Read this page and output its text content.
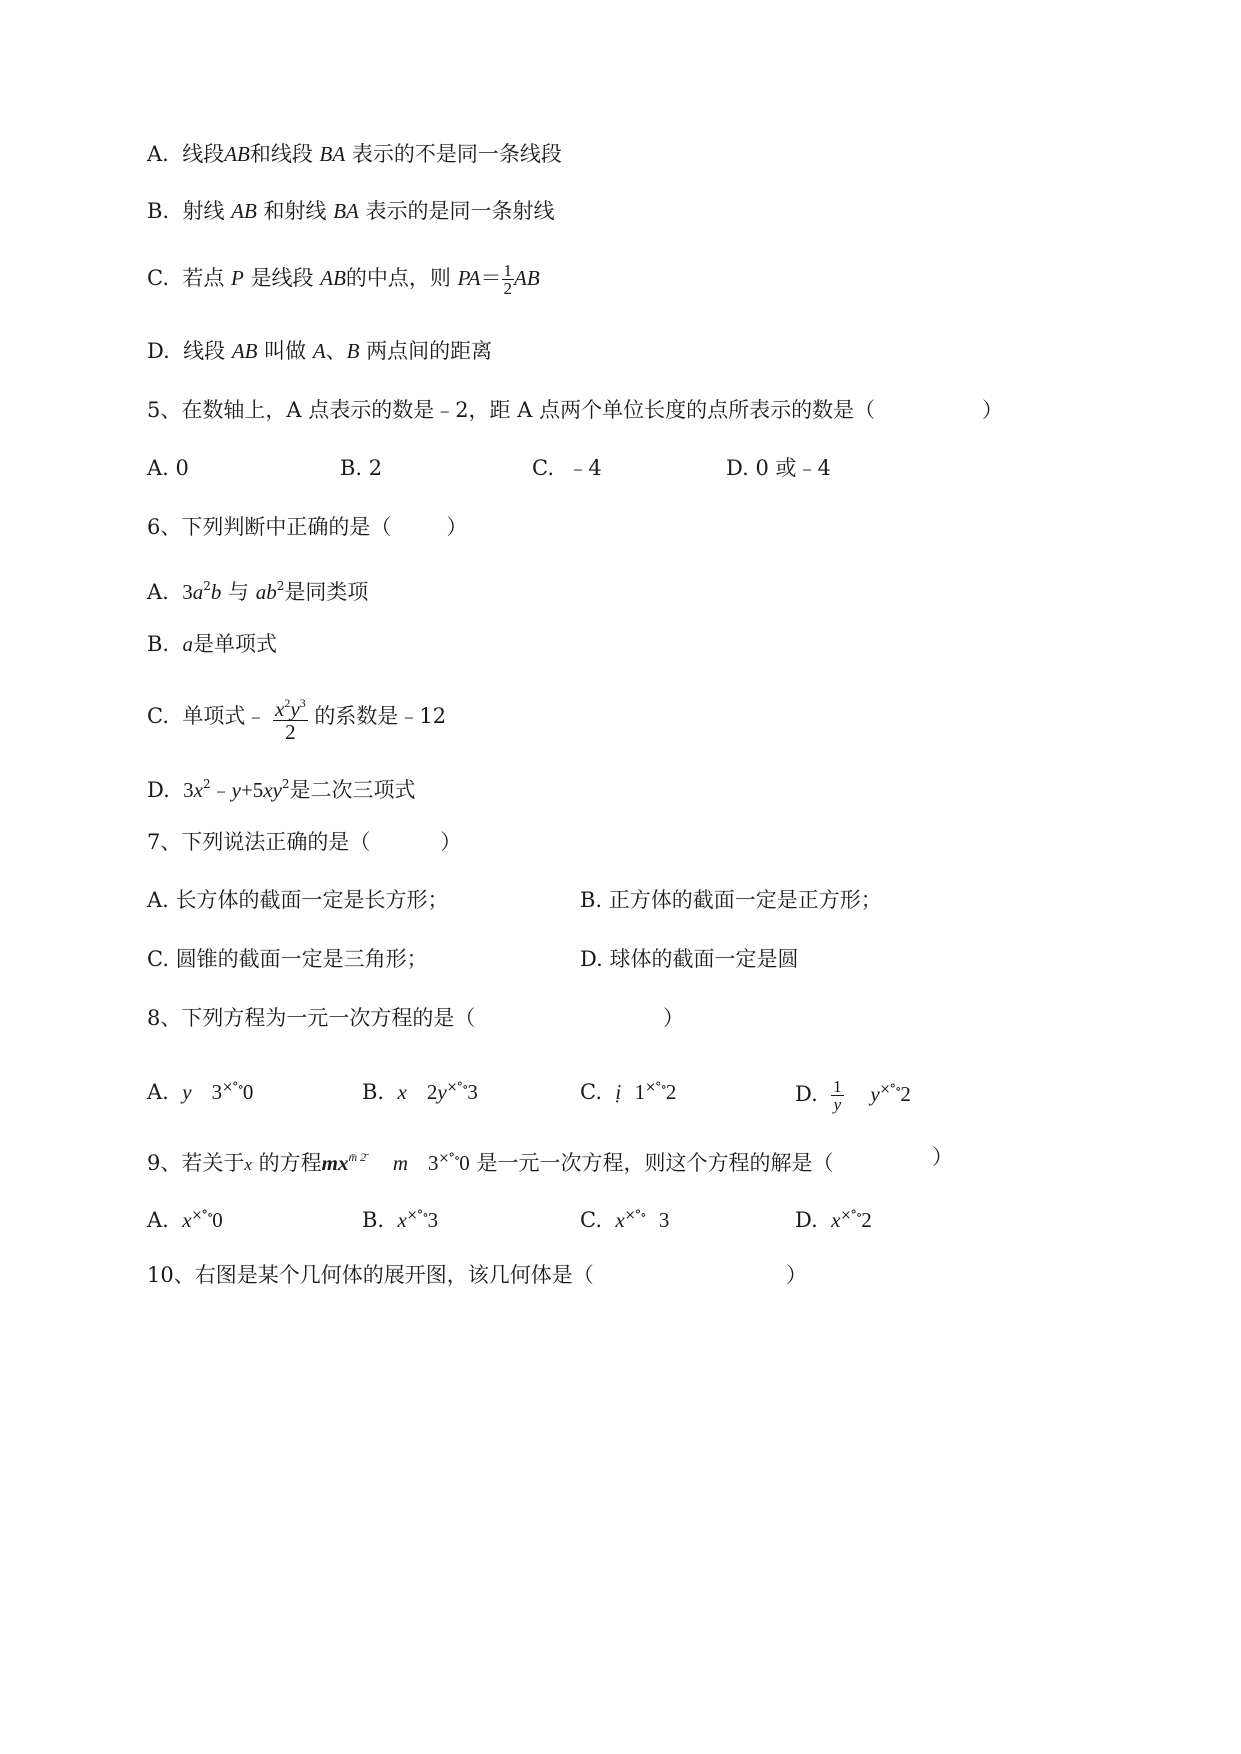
A. 线段AB和线段 BA 表示的不是同一条线段
B. 射线 AB 和射线 BA 表示的是同一条射线
C. 若点 P 是线段 AB的中点，则 $PA= \frac{1}{2}$ AB
D. 线段 AB 叫做 A、B 两点间的距离
5、在数轴上，A 点表示的数是﹣2，距 A 点两个单位长度的点所表示的数是（	）
A. 0	B. 2	C. ﹣4	D. 0 或﹣4
6、下列判断中正确的是（	）
A. $3a^2b$ 与 $ab^2$是同类项
B. a是单项式
C. 单项式﹣ $\frac{x^2y^3}{2}$ 的系数是﹣12
D. $3x^2﹣y+5xy^2$是二次三项式
7、下列说法正确的是（	）
A. 长方体的截面一定是长方形；	B. 正方体的截面一定是正方形；
C. 圆锥的截面一定是三角形；	D. 球体的截面一定是圆
8、下列方程为一元一次方程的是（	）
A. y 3×°∘0	B. x 2y×°∘3	C. ị 1×°∘2	D. $\frac{1}{y} y^{\times^\circ\circ}2$
9、若关于x 的方程$mx^{m̄ 2̄}$ m 3×°∘0 是一元一次方程，则这个方程的解是（	）
A. x×°∘0	B. x×°∘3	C. x×°∘ 3	D. x×°∘2
10、右图是某个几何体的展开图，该几何体是（	）
